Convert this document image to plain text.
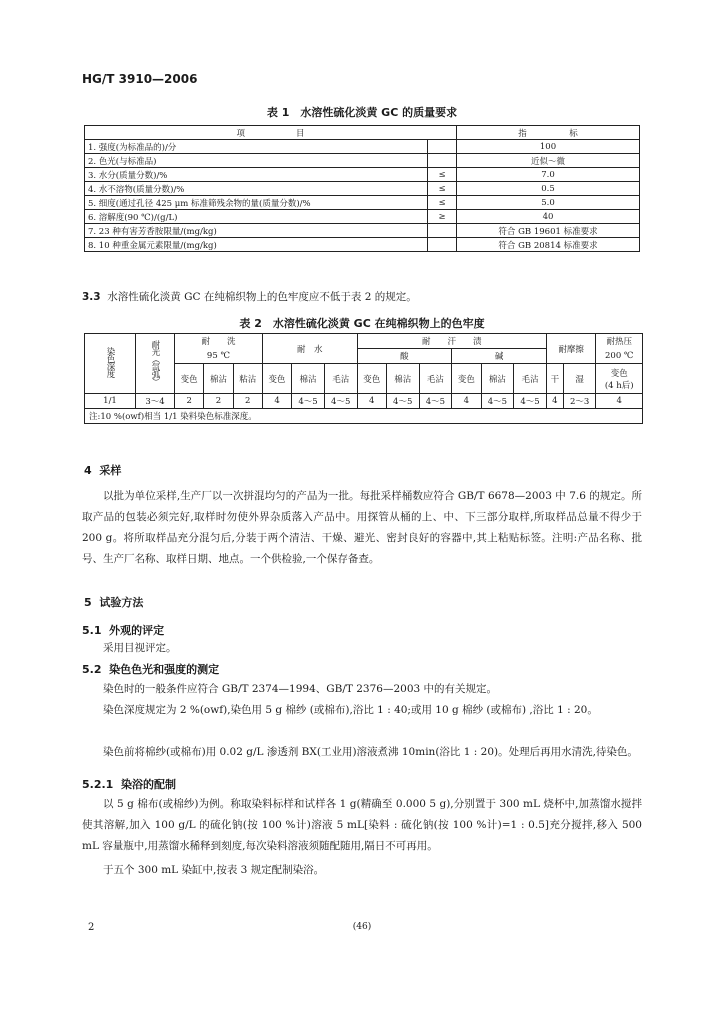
HG/T 3910—2006
表 1　水溶性硫化淡黄 GC 的质量要求
项　　　　　　目		指　　　　　标
1. 强度(为标准品的)/分		100
2. 色光(与标准品)		近似～微
3. 水分(质量分数)/%	≤	7.0
4. 水不溶物(质量分数)/%	≤	0.5
5. 细度(通过孔径 425 μm 标准筛残余物的量(质量分数)/%	≤	5.0
6. 溶解度(90 ℃)/(g/L)	≥	40
7. 23 种有害芳香胺限量/(mg/kg)		符合 GB 19601 标准要求
8. 10 种重金属元素限量/(mg/kg)		符合 GB 20814 标准要求
3.3 水溶性硫化淡黄 GC 在纯棉织物上的色牢度应不低于表 2 的规定。
表 2　水溶性硫化淡黄 GC 在纯棉织物上的色牢度
染色深度	耐光（氙弧）	耐　　洗			耐　水			耐　　汗　　渍						耐摩擦		耐热压
		95 ℃						酸			碱					200 ℃
		变色	棉沾	粘沾	变色	棉沾	毛沾	变色	棉沾	毛沾	变色	棉沾	毛沾	干	湿	变色
(4 h后)
1/1	3～4	2	2	2	4	4～5	4～5	4	4～5	4～5	4	4～5	4～5	4	2～3	4
注:10 %(owf)相当 1/1 染料染色标准深度。																
4 采样
以批为单位采样,生产厂以一次拼混均匀的产品为一批。每批采样桶数应符合 GB/T 6678—2003 中 7.6 的规定。所取产品的包装必须完好,取样时勿使外界杂质落入产品中。用探管从桶的上、中、下三部分取样,所取样品总量不得少于 200 g。将所取样品充分混匀后,分装于两个清洁、干燥、避光、密封良好的容器中,其上粘贴标签。注明:产品名称、批号、生产厂名称、取样日期、地点。一个供检验,一个保存备查。
5 试验方法
5.1 外观的评定
采用目视评定。
5.2 染色色光和强度的测定
染色时的一般条件应符合 GB/T 2374—1994、GB/T 2376—2003 中的有关规定。
染色深度规定为 2 %(owf),染色用 5 g 棉纱 (或棉布),浴比 1 : 40;或用 10 g 棉纱 (或棉布) ,浴比 1 : 20。
染色前将棉纱(或棉布)用 0.02 g/L 渗透剂 BX(工业用)溶液煮沸 10min(浴比 1 : 20)。处理后再用水清洗,待染色。
5.2.1 染浴的配制
以 5 g 棉布(或棉纱)为例。称取染料标样和试样各 1 g(精确至 0.000 5 g),分别置于 300 mL 烧杯中,加蒸馏水搅拌使其溶解,加入 100 g/L 的硫化钠(按 100 %计)溶液 5 mL[染料 : 硫化钠(按 100 %计)=1 : 0.5]充分搅拌,移入 500 mL 容量瓶中,用蒸馏水稀释到刻度,每次染料溶液须随配随用,隔日不可再用。
于五个 300 mL 染缸中,按表 3 规定配制染浴。
2	(46)
